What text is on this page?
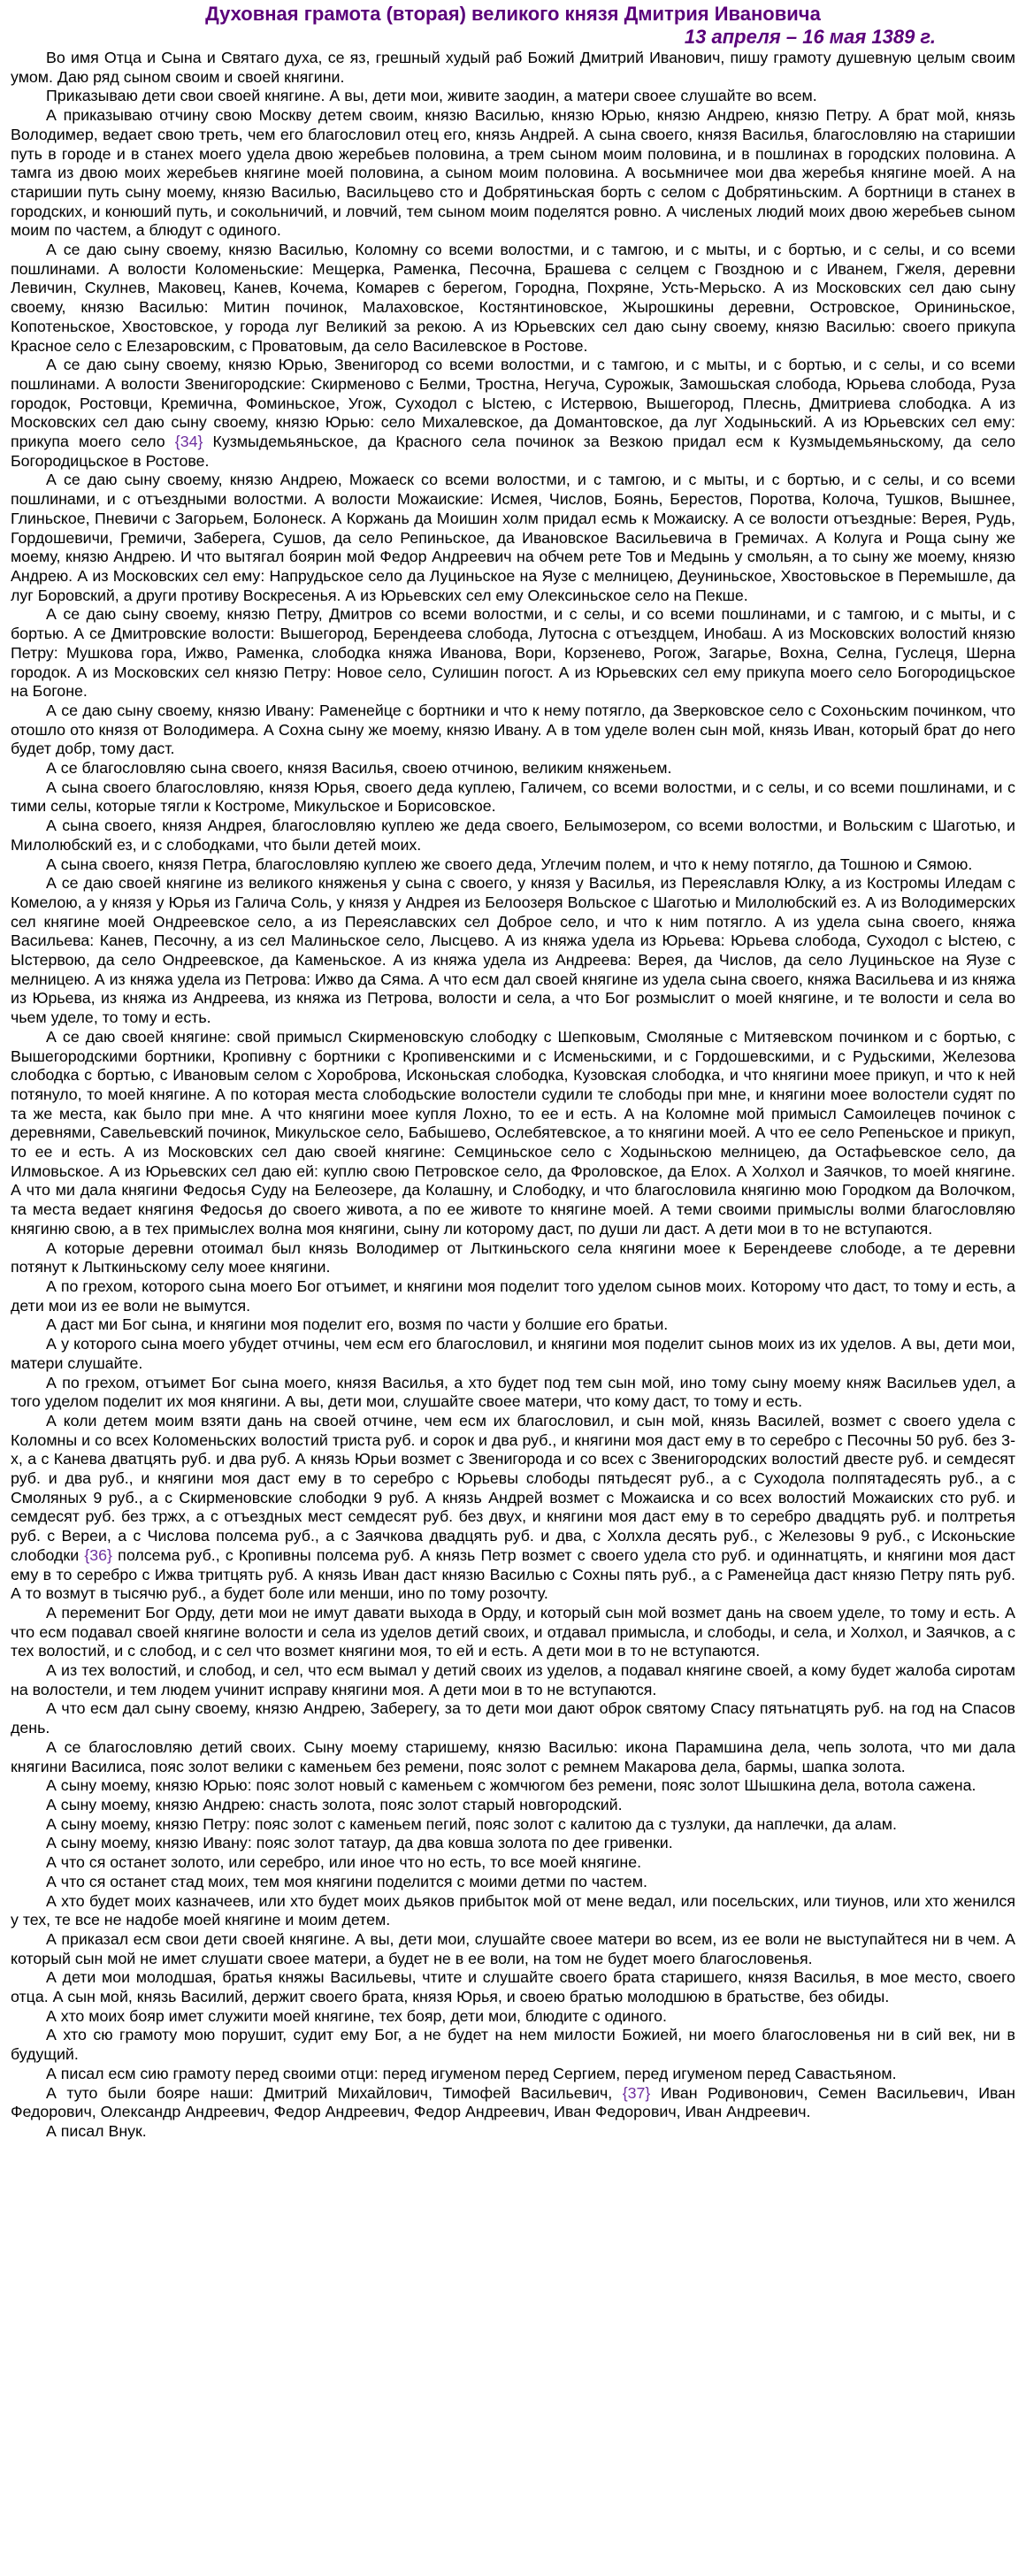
Духовная грамота (вторая) великого князя Дмитрия Ивановича
13 апреля – 16 мая 1389 г.

Во имя Отца и Сына и Святаго духа, се яз, грешный худый раб Божий Дмитрий Иванович, пишу грамоту душевную целым своим умом. Даю ряд сыном своим и своей княгини.

Приказываю дети свои своей княгине. А вы, дети мои, живите заодин, а матери своее слушайте во всем.

А приказываю отчину свою Москву детем своим, князю Василью, князю Юрью, князю Андрею, князю Петру. А брат мой, князь Володимер, ведает свою треть, чем его благословил отец его, князь Андрей. А сына своего, князя Василья, благословляю на старишии путь в городе и в станех моего удела двою жеребьев половина, а трем сыном моим половина, и в пошлинах в городских половина. А тамга из двою моих жеребьев княгине моей половина, а сыном моим половина. А восьмничее мои два жеребья княгине моей. А на старишии путь сыну моему, князю Василью, Васильцево сто и Добрятиньская борть с селом с Добрятиньским. А бортници в станех в городских, и конюший путь, и сокольничий, и ловчий, тем сыном моим поделятся ровно. А численых людий моих двою жеребьев сыном моим по частем, а блюдут с одиного.

А се даю сыну своему, князю Василью, Коломну со всеми волостми, и с тамгою, и с мыты, и с бортью, и с селы, и со всеми пошлинами. А волости Коломеньские: Мещерка, Раменка, Песочна, Брашева с селцем с Гвоздною и с Иванем, Гжеля, деревни Левичин, Скулнев, Маковец, Канев, Кочема, Комарев с берегом, Городна, Похряне, Усть-Мерьско. А из Московских сел даю сыну своему, князю Василью: Митин починок, Малаховское, Костянтиновское, Жырошкины деревни, Островское, Орининьское, Копотеньское, Хвостовское, у города луг Великий за рекою. А из Юрьевских сел даю сыну своему, князю Василью: своего прикупа Красное село с Елезаровским, с Проватовым, да село Василевское в Ростове.

А се даю сыну своему, князю Юрью, Звенигород со всеми волостми, и с тамгою, и с мыты, и с бортью, и с селы, и со всеми пошлинами. А волости Звенигородские: Скирменово с Белми, Тростна, Негуча, Сурожык, Замошьская слобода, Юрьева слобода, Руза городок, Ростовци, Кремична, Фоминьское, Угож, Суходол с Ыстею, с Истервою, Вышегород, Плеснь, Дмитриева слободка. А из Московских сел даю сыну своему, князю Юрью: село Михалевское, да Домантовское, да луг Ходыньский. А из Юрьевских сел ему: прикупа моего село {34} Кузмыдемьяньское, да Красного села починок за Везкою придал есм к Кузмыдемьяньскому, да село Богородицьское в Ростове.

А се даю сыну своему, князю Андрею, Можаеск со всеми волостми, и с тамгою, и с мыты, и с бортью, и с селы, и со всеми пошлинами, и с отъездными волостми. А волости Можаиские: Исмея, Числов, Боянь, Берестов, Поротва, Колоча, Тушков, Вышнее, Глиньское, Пневичи с Загорьем, Болонеск. А Коржань да Моишин холм придал есмь к Можаиску. А се волости отъездные: Верея, Рудь, Гордошевичи, Гремичи, Заберега, Сушов, да село Репиньское, да Ивановское Васильевича в Гремичах. А Колуга и Роща сыну же моему, князю Андрею. И что вытягал боярин мой Федор Андреевич на обчем рете Тов и Медынь у смольян, а то сыну же моему, князю Андрею. А из Московских сел ему: Напрудьское село да Луциньское на Яузе с мелницею, Деуниньское, Хвостовьское в Перемышле, да луг Боровский, а други противу Воскресенья. А из Юрьевских сел ему Олексиньское село на Пекше.

А се даю сыну своему, князю Петру, Дмитров со всеми волостми, и с селы, и со всеми пошлинами, и с тамгою, и с мыты, и с бортью. А се Дмитровские волости: Вышегород, Берендеева слобода, Лутосна с отъездцем, Инобаш. А из Московских волостий князю Петру: Мушкова гора, Ижво, Раменка, слободка княжа Иванова, Вори, Корзенево, Рогож, Загарье, Вохна, Селна, Гуслеця, Шерна городок. А из Московских сел князю Петру: Новое село, Сулишин погост. А из Юрьевских сел ему прикупа моего село Богородицьское на Богоне.

А се даю сыну своему, князю Ивану: Раменейце с бортники и что к нему потягло, да Зверковское село с Сохоньским починком, что отошло ото князя от Володимера. А Сохна сыну же моему, князю Ивану. А в том уделе волен сын мой, князь Иван, который брат до него будет добр, тому даст.

А се благословляю сына своего, князя Василья, своею отчиною, великим княженьем.

А сына своего благословляю, князя Юрья, своего деда куплею, Галичем, со всеми волостми, и с селы, и со всеми пошлинами, и с тими селы, которые тягли к Костроме, Микульское и Борисовское.

А сына своего, князя Андрея, благословляю куплею же деда своего, Белымозером, со всеми волостми, и Вольским с Шаготью, и Милолюбский ез, и с слободками, что были детей моих.

А сына своего, князя Петра, благословляю куплею же своего деда, Углечим полем, и что к нему потягло, да Тошною и Сямою.

А се даю своей княгине из великого княженья у сына с своего, у князя у Василья, из Переяславля Юлку, а из Костромы Иледам с Комелою, а у князя у Юрья из Галича Соль, у князя у Андрея из Белоозеря Вольское с Шаготью и Милолюбский ез. А из Володимерских сел княгине моей Ондреевское село, а из Переяславских сел Доброе село, и что к ним потягло. А из удела сына своего, княжа Васильева: Канев, Песочну, а из сел Малиньское село, Лысцево. А из княжа удела из Юрьева: Юрьева слобода, Суходол с Ыстею, с Ыстервою, да село Ондреевское, да Каменьское. А из княжа удела из Андреева: Верея, да Числов, да село Луциньское на Яузе с мелницею. А из княжа удела из Петрова: Ижво да Сяма. А что есм дал своей княгине из удела сына своего, княжа Васильева и из княжа из Юрьева, из княжа из Андреева, из княжа из Петрова, волости и села, а что Бог розмыслит о моей княгине, и те волости и села во чьем уделе, то тому и есть.

А се даю своей княгине: свой примысл Скирменовскую слободку с Шепковым, Смоляные с Митяевском починком и с бортью, с Вышегородскими бортники, Кропивну с бортники с Кропивенскими и с Исменьскими, и с Гордошевскими, и с Рудьскими, Железова слободка с бортью, с Ивановым селом с Хороброва, Исконьская слободка, Кузовская слободка, и что княгини моее прикуп, и что к ней потянуло, то моей княгине. А по которая места слободьские волостели судили те слободы при мне, и княгини моее волостели судят по та же места, как было при мне. А что княгини моее купля Лохно, то ее и есть. А на Коломне мой примысл Самоилецев починок с деревнями, Савельевский починок, Микульское село, Бабышево, Ослебятевское, а то княгини моей. А что ее село Репеньское и прикуп, то ее и есть. А из Московских сел даю своей княгине: Семциньское село с Ходыньскою мелницею, да Остафьевское село, да Илмовьское. А из Юрьевских сел даю ей: куплю свою Петровское село, да Фроловское, да Елох. А Холхол и Заячков, то моей княгине. А что ми дала княгини Федосья Суду на Белеозере, да Колашну, и Слободку, и что благословила княгиню мою Городком да Волочком, та места ведает княгиня Федосья до своего живота, а по ее животе то княгине моей. А теми своими примыслы волми благословляю княгиню свою, а в тех примыслех волна моя княгини, сыну ли которому даст, по души ли даст. А дети мои в то не вступаются.

А которые деревни отоимал был князь Володимер от Лыткиньского села княгини моее к Берендееве слободе, а те деревни потянут к Лыткиньскому селу моее княгини.

А по грехом, которого сына моего Бог отъимет, и княгини моя поделит того уделом сынов моих. Которому что даст, то тому и есть, а дети мои из ее воли не вымутся.

А даст ми Бог сына, и княгини моя поделит его, возмя по части у болшие его братьи.

А у которого сына моего убудет отчины, чем есм его благословил, и княгини моя поделит сынов моих из их уделов. А вы, дети мои, матери слушайте.

А по грехом, отъимет Бог сына моего, князя Василья, а хто будет под тем сын мой, ино тому сыну моему княж Васильев удел, а того уделом поделит их моя княгини. А вы, дети мои, слушайте своее матери, что кому даст, то тому и есть.

А коли детем моим взяти дань на своей отчине, чем есм их благословил, и сын мой, князь Василей, возмет с своего удела с Коломны и со всех Коломеньских волостий триста руб. и сорок и два руб., и княгини моя даст ему в то серебро с Песочны 50 руб. без 3-х, а с Канева дватцять руб. и два руб. А князь Юрьи возмет с Звенигорода и со всех с Звенигородских волостий двесте руб. и семдесят руб. и два руб., и княгини моя даст ему в то серебро с Юрьевы слободы пятьдесят руб., а с Суходола полпятадесять руб., а с Смоляных 9 руб., а с Скирменовские слободки 9 руб. А князь Андрей возмет с Можаиска и со всех волостий Можаиских сто руб. и семдесят руб. без тржх, а с отъездных мест семдесят руб. без двух, и княгини моя даст ему в то серебро двадцять руб. и полтретья руб. с Вереи, а с Числова полсема руб., а с Заячкова двадцять руб. и два, с Холхла десять руб., с Железовы 9 руб., с Исконьские слободки {36} полсема руб., с Кропивны полсема руб. А князь Петр возмет с своего удела сто руб. и одиннатцять, и княгини моя даст ему в то серебро с Ижва тритцять руб. А князь Иван даст князю Василью с Сохны пять руб., а с Раменейца даст князю Петру пять руб. А то возмут в тысячю руб., а будет боле или менши, ино по тому розочту.

А переменит Бог Орду, дети мои не имут давати выхода в Орду, и который сын мой возмет дань на своем уделе, то тому и есть. А что есм подавал своей княгине волости и села из уделов детий своих, и отдавал примысла, и слободы, и села, и Холхол, и Заячков, а с тех волостий, и с слобод, и с сел что возмет княгини моя, то ей и есть. А дети мои в то не вступаются.

А из тех волостий, и слобод, и сел, что есм вымал у детий своих из уделов, а подавал княгине своей, а кому будет жалоба сиротам на волостели, и тем людем учинит исправу княгини моя. А дети мои в то не вступаются.

А что есм дал сыну своему, князю Андрею, Заберегу, за то дети мои дают оброк святому Спасу пятьнатцять руб. на год на Спасов день.

А се благословляю детий своих. Сыну моему старишему, князю Василью: икона Парамшина дела, чепь золота, что ми дала княгини Василиса, пояс золот велики с каменьем без ремени, пояс золот с ремнем Макарова дела, бармы, шапка золота.

А сыну моему, князю Юрью: пояс золот новый с каменьем с жомчюгом без ремени, пояс золот Шышкина дела, вотола сажена.

А сыну моему, князю Андрею: снасть золота, пояс золот старый новгородский.

А сыну моему, князю Петру: пояс золот с каменьем пегий, пояс золот с калитою да с тузлуки, да наплечки, да алам.

А сыну моему, князю Ивану: пояс золот татаур, да два ковша золота по дее гривенки.

А что ся останет золото, или серебро, или иное что но есть, то все моей княгине.

А что ся останет стад моих, тем моя княгини поделится с моими детми по частем.

А хто будет моих казначеев, или хто будет моих дьяков прибыток мой от мене ведал, или посельских, или тиунов, или хто женился у тех, те все не надобе моей княгине и моим детем.

А приказал есм свои дети своей княгине. А вы, дети мои, слушайте своее матери во всем, из ее воли не выступайтеся ни в чем. А который сын мой не имет слушати своее матери, а будет не в ее воли, на том не будет моего благословенья.

А дети мои молодшая, братья княжы Васильевы, чтите и слушайте своего брата старишего, князя Василья, в мое место, своего отца. А сын мой, князь Василий, держит своего брата, князя Юрья, и своею братью молодшюю в братьстве, без обиды.

А хто моих бояр имет служити моей княгине, тех бояр, дети мои, блюдите с одиного.

А хто сю грамоту мою порушит, судит ему Бог, а не будет на нем милости Божией, ни моего благословенья ни в сий век, ни в будущий.

А писал есм сию грамоту перед своими отци: перед игуменом перед Сергием, перед игуменом перед Савастьяном.

А туто были бояре наши: Дмитрий Михайлович, Тимофей Васильевич, {37} Иван Родивонович, Семен Васильевич, Иван Федорович, Олександр Андреевич, Федор Андреевич, Федор Андреевич, Иван Федорович, Иван Андреевич.

А писал Внук.
